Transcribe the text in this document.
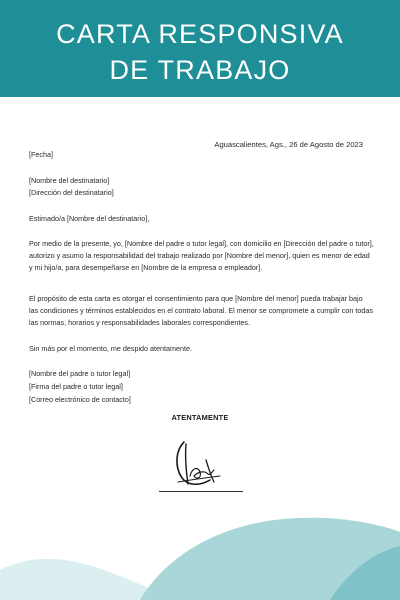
CARTA RESPONSIVA
DE TRABAJO
Aguascalientes, Ags., 26 de Agosto de 2023
[Fecha]
[Nombre del destinatario]
[Dirección del destinatario]
Estimado/a [Nombre del destinatario],
Por medio de la presente, yo, [Nombre del padre o tutor legal], con domicilio en [Dirección del padre o tutor],
autorizo y asumo la responsabilidad del trabajo realizado por [Nombre del menor], quien es menor de edad
y mi hijo/a, para desempeñarse en [Nombre de la empresa o empleador].
El propósito de esta carta es otorgar el consentimiento para que [Nombre del menor] pueda trabajar bajo
las condiciones y términos establecidos en el contrato laboral. El menor se compromete a cumplir con todas
las normas, horarios y responsabilidades laborales correspondientes.
Sin más por el momento, me despido atentamente.
[Nombre del padre o tutor legal]
[Firma del padre o tutor legal]
[Correo electrónico de contacto]
ATENTAMENTE
